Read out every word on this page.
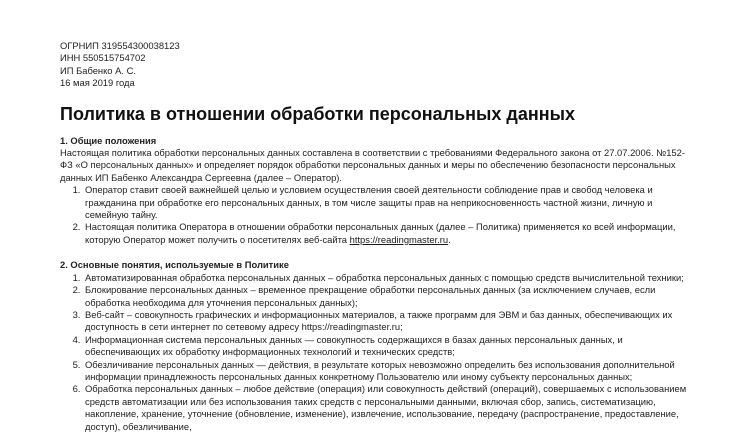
ОГРНИП 319554300038123

ИНН 550515754702

ИП Бабенко А. С.

16 мая 2019 года

Политика в отношении обработки персональных данных

1. Общие положения

Настоящая политика обработки персональных данных составлена в соответствии с требованиями Федерального закона от 27.07.2006. №152-ФЗ «О персональных данных» и определяет порядок обработки персональных данных и меры по обеспечению безопасности персональных данных ИП Бабенко Александра Сергеевна (далее – Оператор).

1. Оператор ставит своей важнейшей целью и условием осуществления своей деятельности соблюдение прав и свобод человека и гражданина при обработке его персональных данных, в том числе защиты прав на неприкосновенность частной жизни, личную и семейную тайну.
2. Настоящая политика Оператора в отношении обработки персональных данных (далее – Политика) применяется ко всей информации, которую Оператор может получить о посетителях веб-сайта https://readingmaster.ru.

2. Основные понятия, используемые в Политике

1. Автоматизированная обработка персональных данных – обработка персональных данных с помощью средств вычислительной техники;
2. Блокирование персональных данных – временное прекращение обработки персональных данных (за исключением случаев, если обработка необходима для уточнения персональных данных);
3. Веб-сайт – совокупность графических и информационных материалов, а также программ для ЭВМ и баз данных, обеспечивающих их доступность в сети интернет по сетевому адресу https://readingmaster.ru;
4. Информационная система персональных данных — совокупность содержащихся в базах данных персональных данных, и обеспечивающих их обработку информационных технологий и технических средств;
5. Обезличивание персональных данных — действия, в результате которых невозможно определить без использования дополнительной информации принадлежность персональных данных конкретному Пользователю или иному субъекту персональных данных;
6. Обработка персональных данных – любое действие (операция) или совокупность действий (операций), совершаемых с использованием средств автоматизации или без использования таких средств с персональными данными, включая сбор, запись, систематизацию, накопление, хранение, уточнение (обновление, изменение), извлечение, использование, передачу (распространение, предоставление, доступ), обезличивание,
